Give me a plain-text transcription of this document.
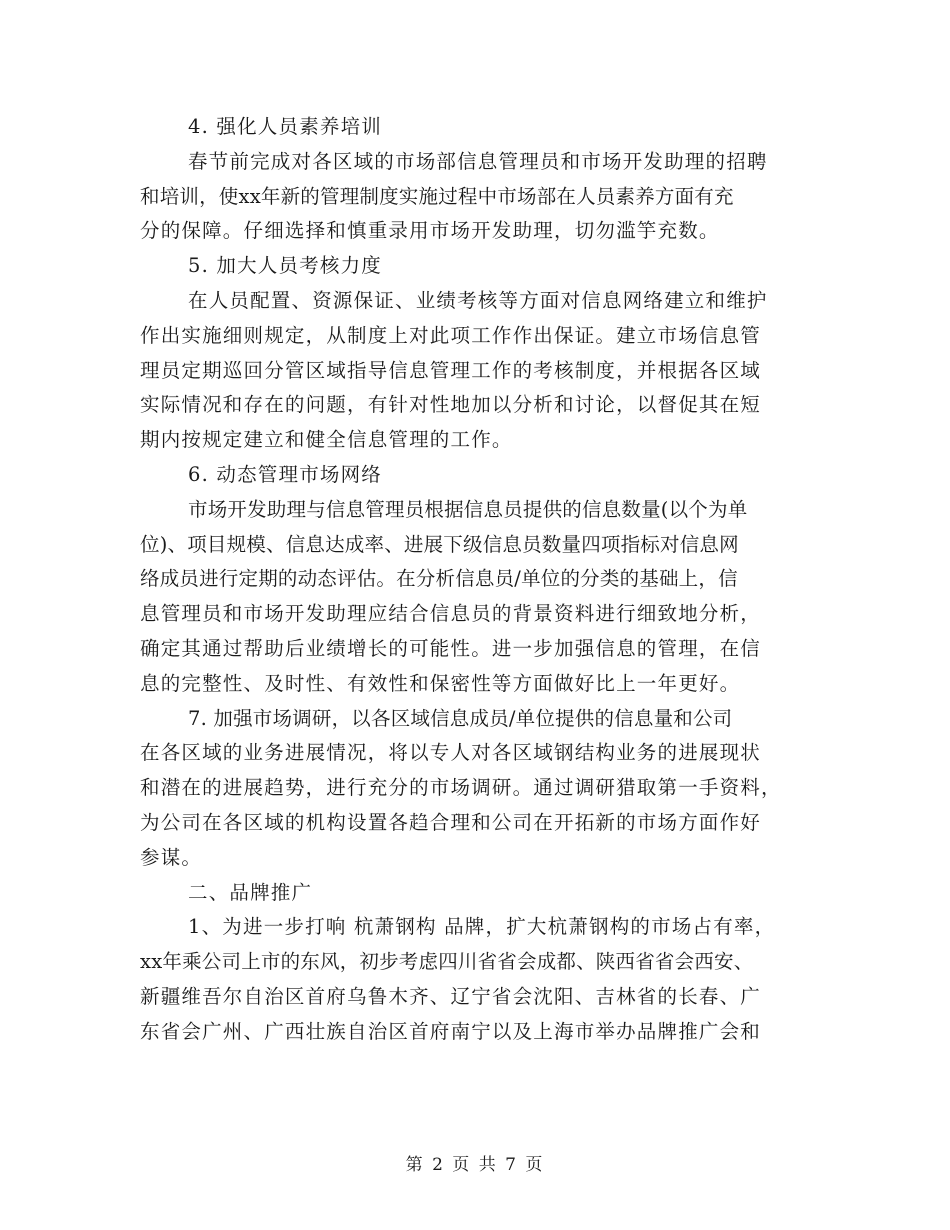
4. 强化人员素养培训
春节前完成对各区域的市场部信息管理员和市场开发助理的招聘
和培训，使xx年新的管理制度实施过程中市场部在人员素养方面有充
分的保障。仔细选择和慎重录用市场开发助理，切勿滥竽充数。
5. 加大人员考核力度
在人员配置、资源保证、业绩考核等方面对信息网络建立和维护
作出实施细则规定，从制度上对此项工作作出保证。建立市场信息管
理员定期巡回分管区域指导信息管理工作的考核制度，并根据各区域
实际情况和存在的问题，有针对性地加以分析和讨论，以督促其在短
期内按规定建立和健全信息管理的工作。
6. 动态管理市场网络
市场开发助理与信息管理员根据信息员提供的信息数量(以个为单
位)、项目规模、信息达成率、进展下级信息员数量四项指标对信息网
络成员进行定期的动态评估。在分析信息员/单位的分类的基础上，信
息管理员和市场开发助理应结合信息员的背景资料进行细致地分析，
确定其通过帮助后业绩增长的可能性。进一步加强信息的管理，在信
息的完整性、及时性、有效性和保密性等方面做好比上一年更好。
7. 加强市场调研，以各区域信息成员/单位提供的信息量和公司
在各区域的业务进展情况，将以专人对各区域钢结构业务的进展现状
和潜在的进展趋势，进行充分的市场调研。通过调研猎取第一手资料，
为公司在各区域的机构设置各趋合理和公司在开拓新的市场方面作好
参谋。
二、品牌推广
1、为进一步打响 杭萧钢构 品牌，扩大杭萧钢构的市场占有率，
xx年乘公司上市的东风，初步考虑四川省省会成都、陕西省省会西安、
新疆维吾尔自治区首府乌鲁木齐、辽宁省会沈阳、吉林省的长春、广
东省会广州、广西壮族自治区首府南宁以及上海市举办品牌推广会和
第 2 页 共 7 页
